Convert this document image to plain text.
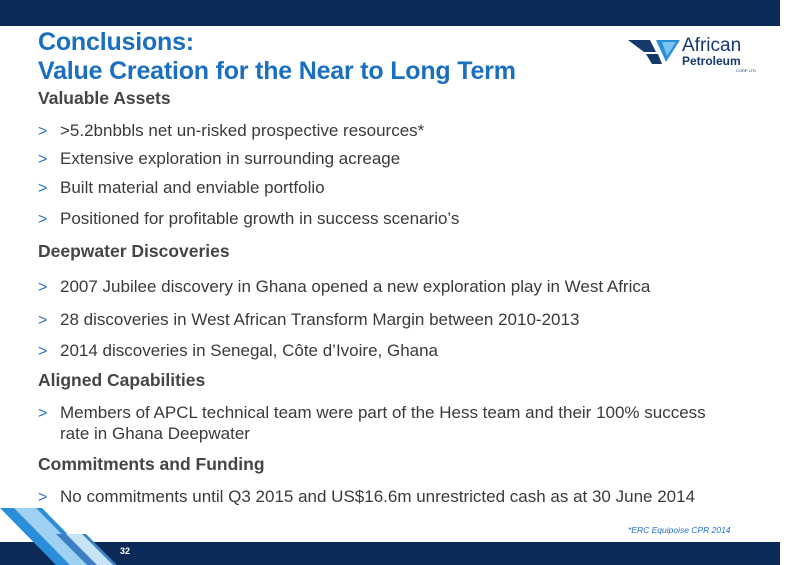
Conclusions:
Value Creation for the Near to Long Term
African
Petroleum
CORP LTD
Valuable Assets
> >5.2bnbbls net un-risked prospective resources*
> Extensive exploration in surrounding acreage
> Built material and enviable portfolio
> Positioned for profitable growth in success scenario’s
Deepwater Discoveries
> 2007 Jubilee discovery in Ghana opened a new exploration play in West Africa
> 28 discoveries in West African Transform Margin between 2010-2013
> 2014 discoveries in Senegal, Côte d’Ivoire, Ghana
Aligned Capabilities
> Members of APCL technical team were part of the Hess team and their 100% success rate in Ghana Deepwater
Commitments and Funding
> No commitments until Q3 2015 and US$16.6m unrestricted cash as at 30 June 2014
*ERC Equipoise CPR 2014
32
